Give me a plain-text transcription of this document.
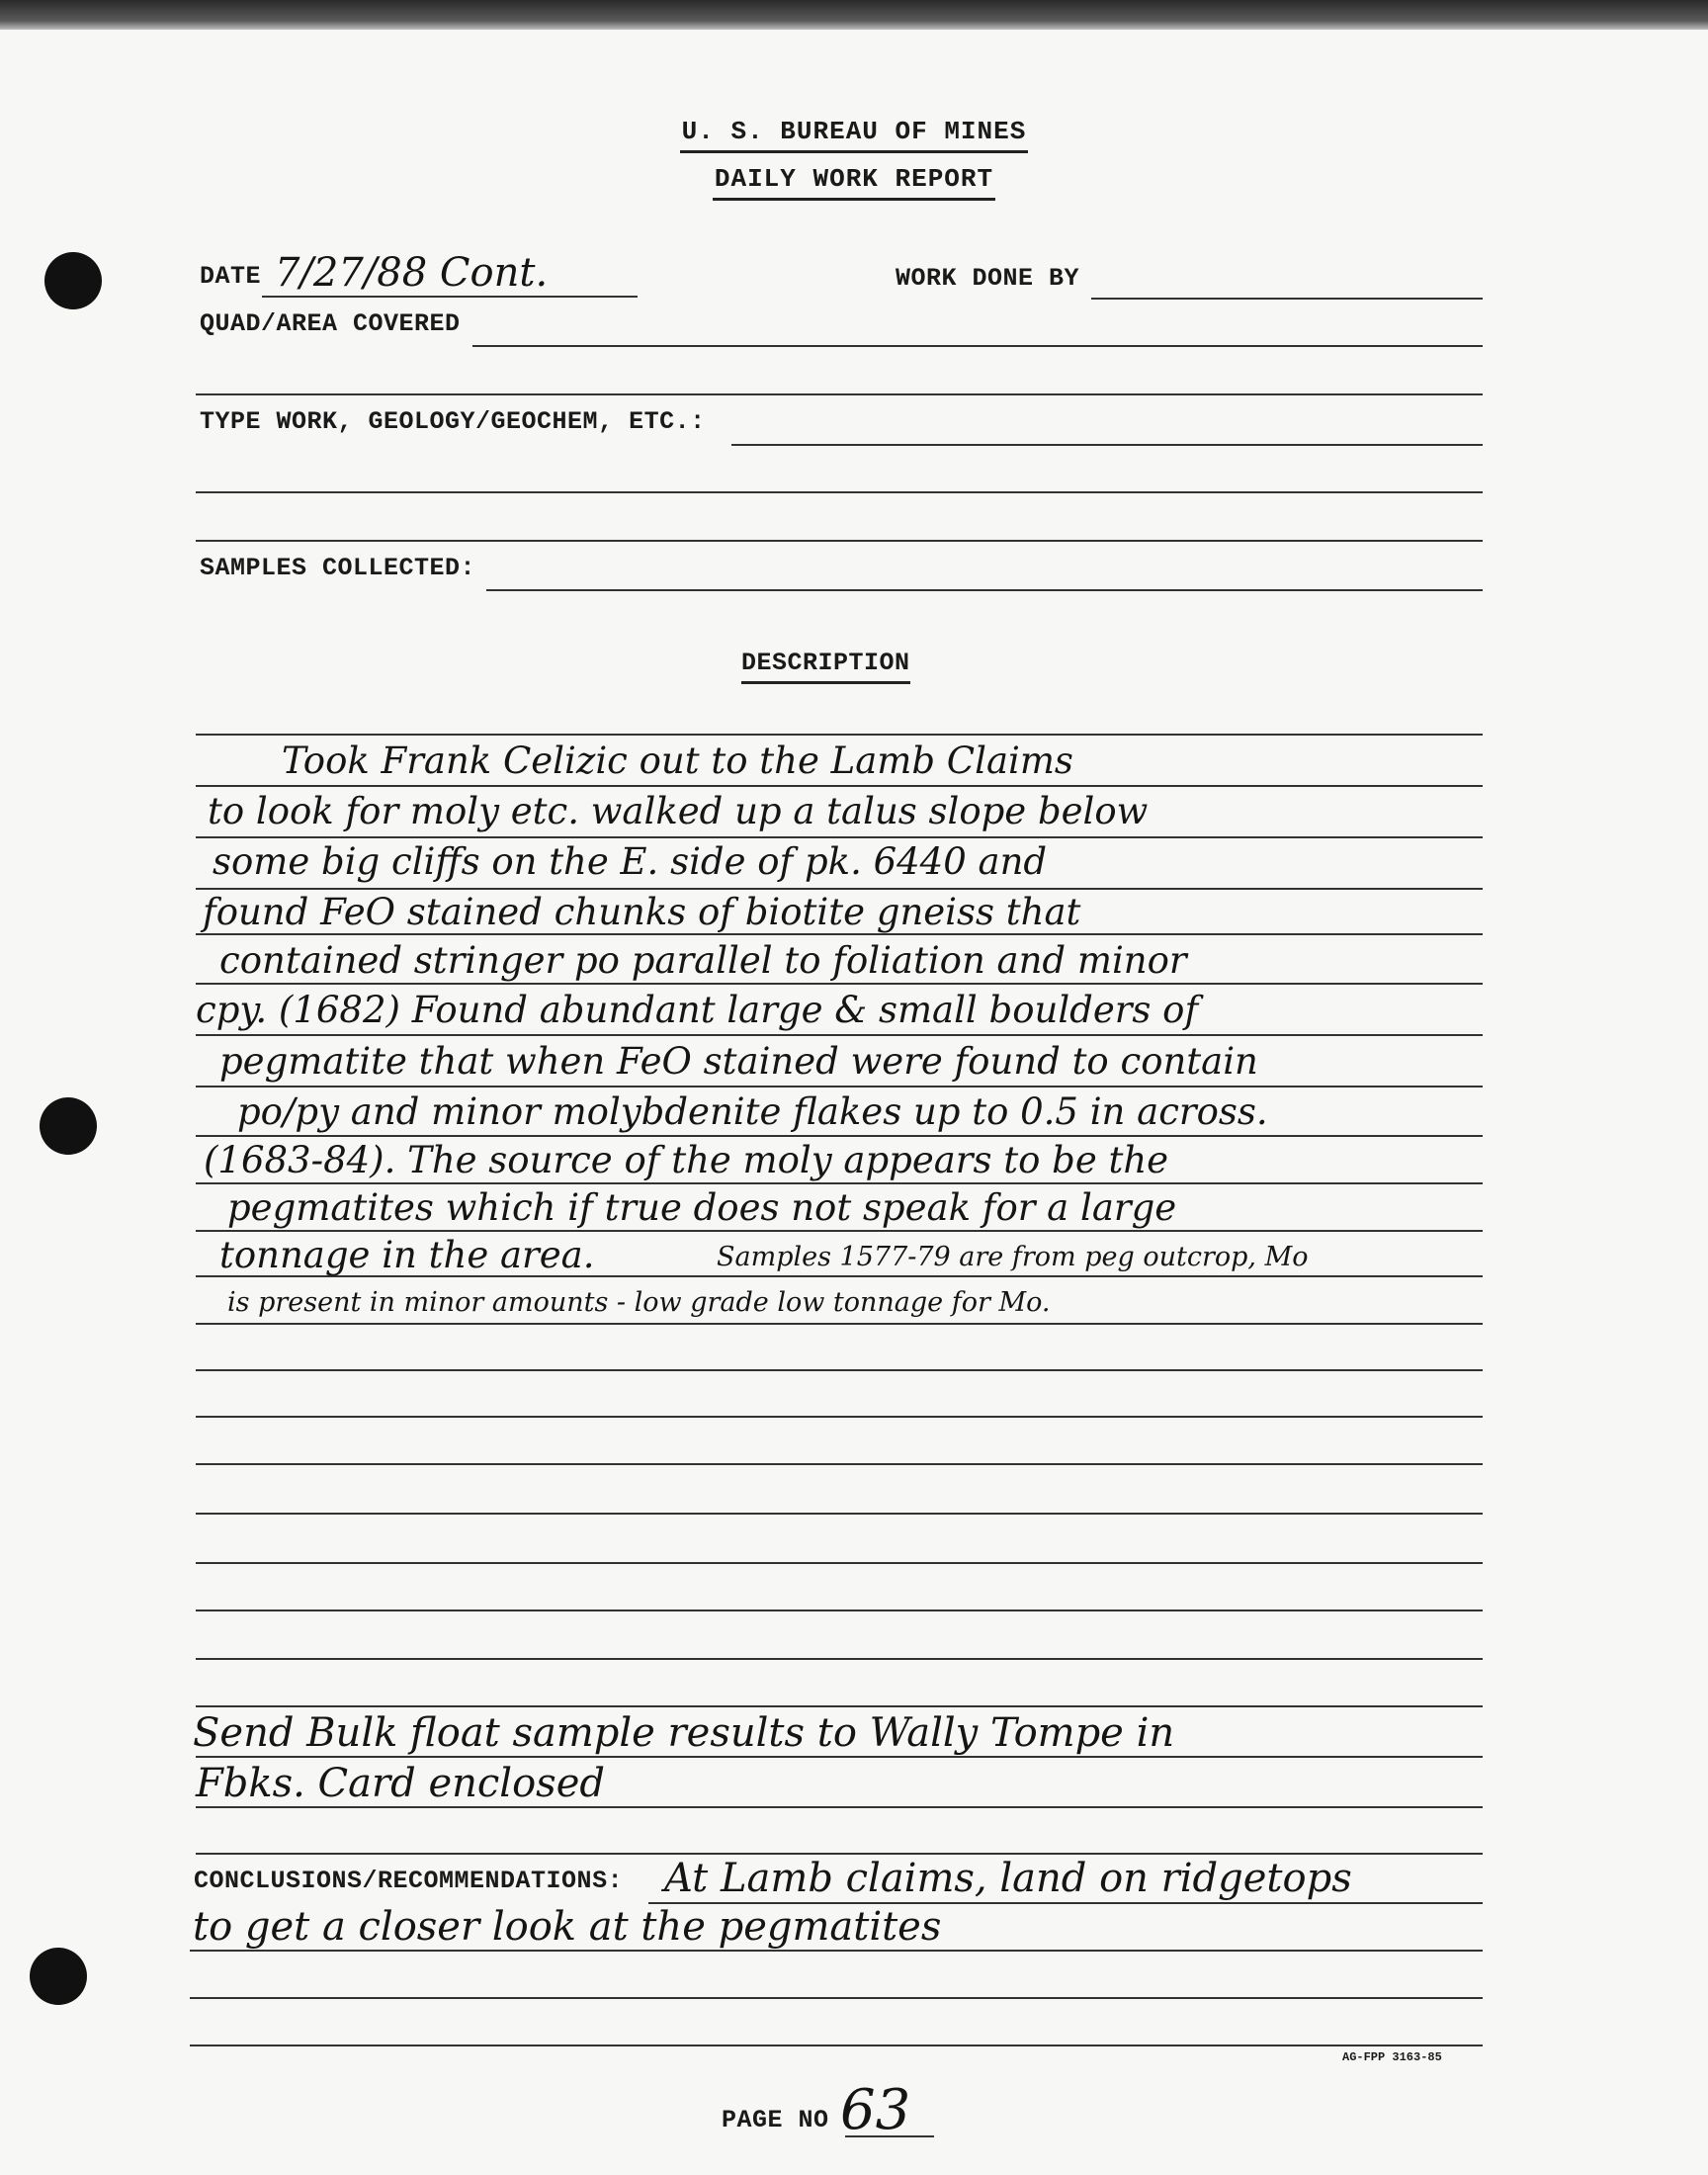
U. S. BUREAU OF MINES
DAILY WORK REPORT
DATE 7/27/88 Cont.	WORK DONE BY
QUAD/AREA COVERED
TYPE WORK, GEOLOGY/GEOCHEM, ETC.:
SAMPLES COLLECTED:
DESCRIPTION
Took Frank Celizic out to the Lamb Claims
to look for moly etc. walked up a talus slope below
some big cliffs on the E. side of pk. 6440 and
found FeO stained chunks of biotite gneiss that
contained stringer po parallel to foliation and minor
cpy. (1682) Found abundant large & small boulders of
pegmatite that when FeO stained were found to contain
po/py and minor molybdenite flakes up to 0.5 in across.
(1683-84). The source of the moly appears to be the
pegmatites which if true does not speak for a large
tonnage in the area.	Samples 1577-79 are from peg outcrop, Mo
is present in minor amounts - low grade low tonnage for Mo.
Send Bulk float sample results to Wally Tompe in
Fbks. Card enclosed
CONCLUSIONS/RECOMMENDATIONS: At Lamb claims, land on ridgetops
to get a closer look at the pegmatites
AG-FPP 3163-85
PAGE NO 63
